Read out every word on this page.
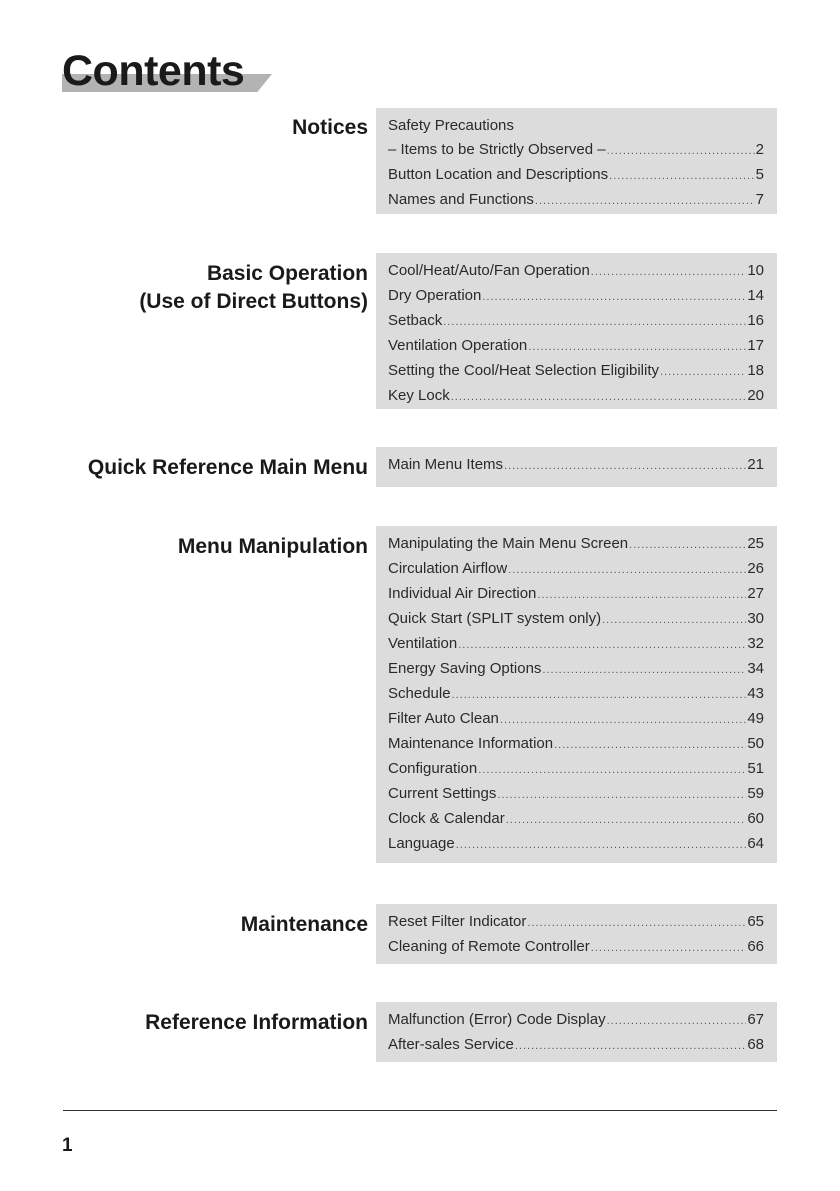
Contents
Notices Safety Precautions
– Items to be Strictly Observed – .....	2
Button Location and Descriptions .....	5
Names and Functions .....	7
Basic Operation
(Use of Direct Buttons)
Cool/Heat/Auto/Fan Operation .....	10
Dry Operation .....	14
Setback .....	16
Ventilation Operation .....	17
Setting the Cool/Heat Selection Eligibility .....	18
Key Lock .....	20
Quick Reference Main Menu Main Menu Items .....	21
Menu Manipulation Manipulating the Main Menu Screen .....	25
Circulation Airflow .....	26
Individual Air Direction .....	27
Quick Start (SPLIT system only) .....	30
Ventilation .....	32
Energy Saving Options .....	34
Schedule .....	43
Filter Auto Clean .....	49
Maintenance Information .....	50
Configuration .....	51
Current Settings .....	59
Clock & Calendar .....	60
Language .....	64
Maintenance Reset Filter Indicator .....	65
Cleaning of Remote Controller .....	66
Reference Information Malfunction (Error) Code Display .....	67
After-sales Service .....	68
1
